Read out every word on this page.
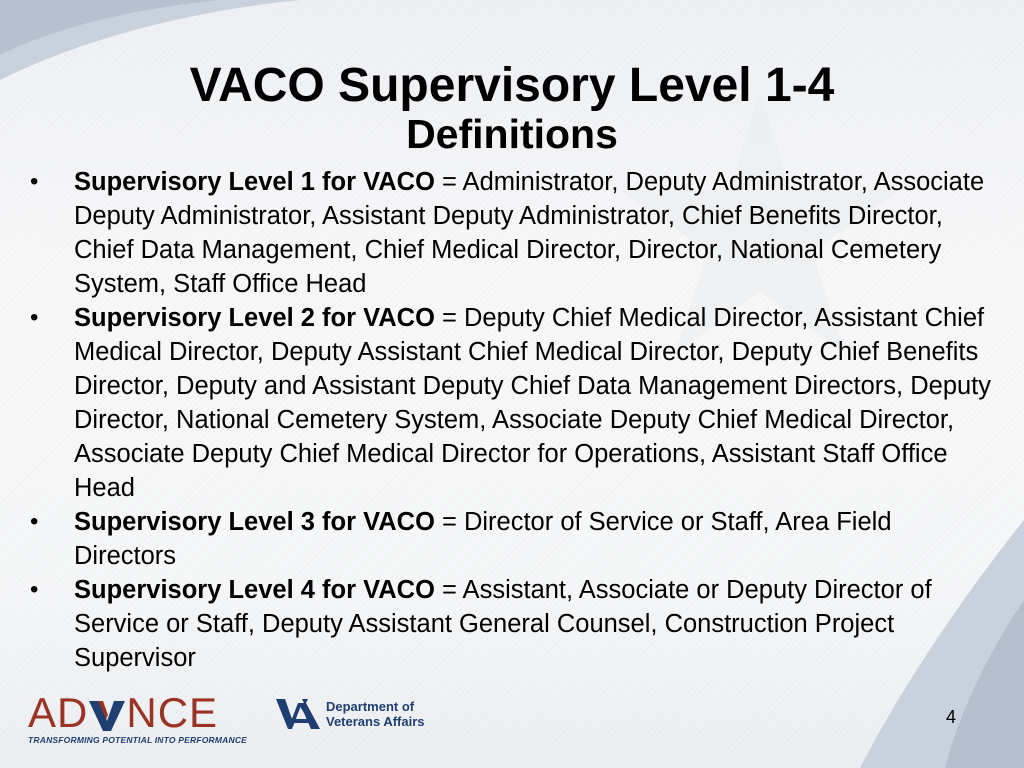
VACO Supervisory Level 1-4
Definitions
• Supervisory Level 1 for VACO = Administrator, Deputy Administrator, Associate Deputy Administrator, Assistant Deputy Administrator, Chief Benefits Director, Chief Data Management, Chief Medical Director, Director, National Cemetery System, Staff Office Head
• Supervisory Level 2 for VACO = Deputy Chief Medical Director, Assistant Chief Medical Director, Deputy Assistant Chief Medical Director, Deputy Chief Benefits Director, Deputy and Assistant Deputy Chief Data Management Directors, Deputy Director, National Cemetery System, Associate Deputy Chief Medical Director, Associate Deputy Chief Medical Director for Operations, Assistant Staff Office Head
• Supervisory Level 3 for VACO = Director of Service or Staff, Area Field Directors
• Supervisory Level 4 for VACO = Assistant, Associate or Deputy Director of Service or Staff, Deputy Assistant General Counsel, Construction Project Supervisor
AD NCE
TRANSFORMING POTENTIAL INTO PERFORMANCE
Department of
Veterans Affairs	4
